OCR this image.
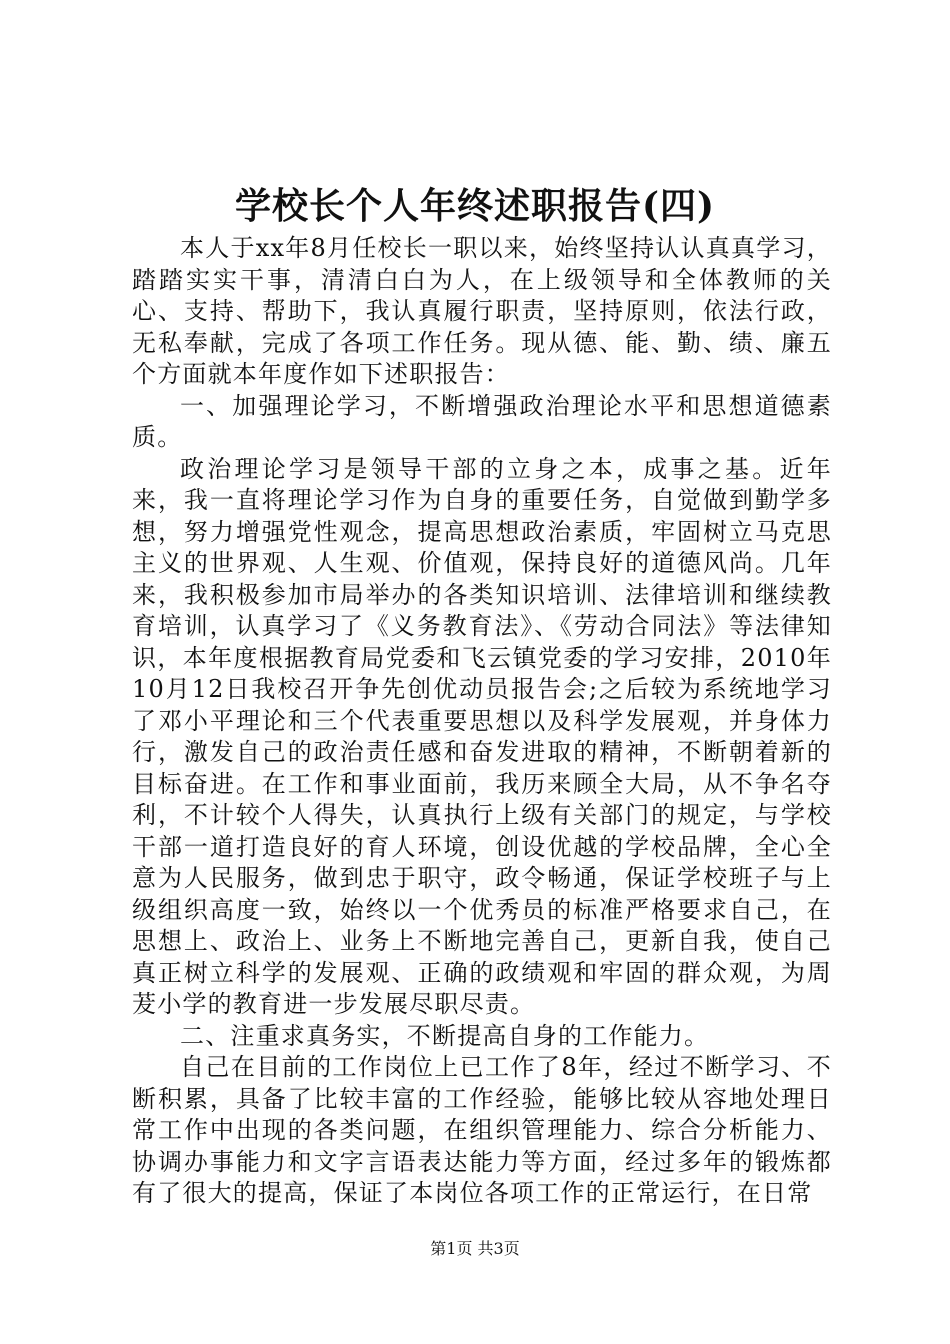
学校长个人年终述职报告(四)

本人于xx年8月任校长一职以来，始终坚持认认真真学习，踏踏实实干事，清清白白为人，在上级领导和全体教师的关心、支持、帮助下，我认真履行职责，坚持原则，依法行政，无私奉献，完成了各项工作任务。现从德、能、勤、绩、廉五个方面就本年度作如下述职报告：

一、加强理论学习，不断增强政治理论水平和思想道德素质。

政治理论学习是领导干部的立身之本，成事之基。近年来，我一直将理论学习作为自身的重要任务，自觉做到勤学多想，努力增强党性观念，提高思想政治素质，牢固树立马克思主义的世界观、人生观、价值观，保持良好的道德风尚。几年来，我积极参加市局举办的各类知识培训、法律培训和继续教育培训，认真学习了《义务教育法》、《劳动合同法》等法律知识，本年度根据教育局党委和飞云镇党委的学习安排，2010年10月12日我校召开争先创优动员报告会;之后较为系统地学习了邓小平理论和三个代表重要思想以及科学发展观，并身体力行，激发自己的政治责任感和奋发进取的精神，不断朝着新的目标奋进。在工作和事业面前，我历来顾全大局，从不争名夺利，不计较个人得失，认真执行上级有关部门的规定，与学校干部一道打造良好的育人环境，创设优越的学校品牌，全心全意为人民服务，做到忠于职守，政令畅通，保证学校班子与上级组织高度一致，始终以一个优秀员的标准严格要求自己，在思想上、政治上、业务上不断地完善自己，更新自我，使自己真正树立科学的发展观、正确的政绩观和牢固的群众观，为周茇小学的教育进一步发展尽职尽责。

二、注重求真务实，不断提高自身的工作能力。

自己在目前的工作岗位上已工作了8年，经过不断学习、不断积累，具备了比较丰富的工作经验，能够比较从容地处理日常工作中出现的各类问题，在组织管理能力、综合分析能力、协调办事能力和文字言语表达能力等方面，经过多年的锻炼都有了很大的提高，保证了本岗位各项工作的正常运行，在日常

第1页 共3页
